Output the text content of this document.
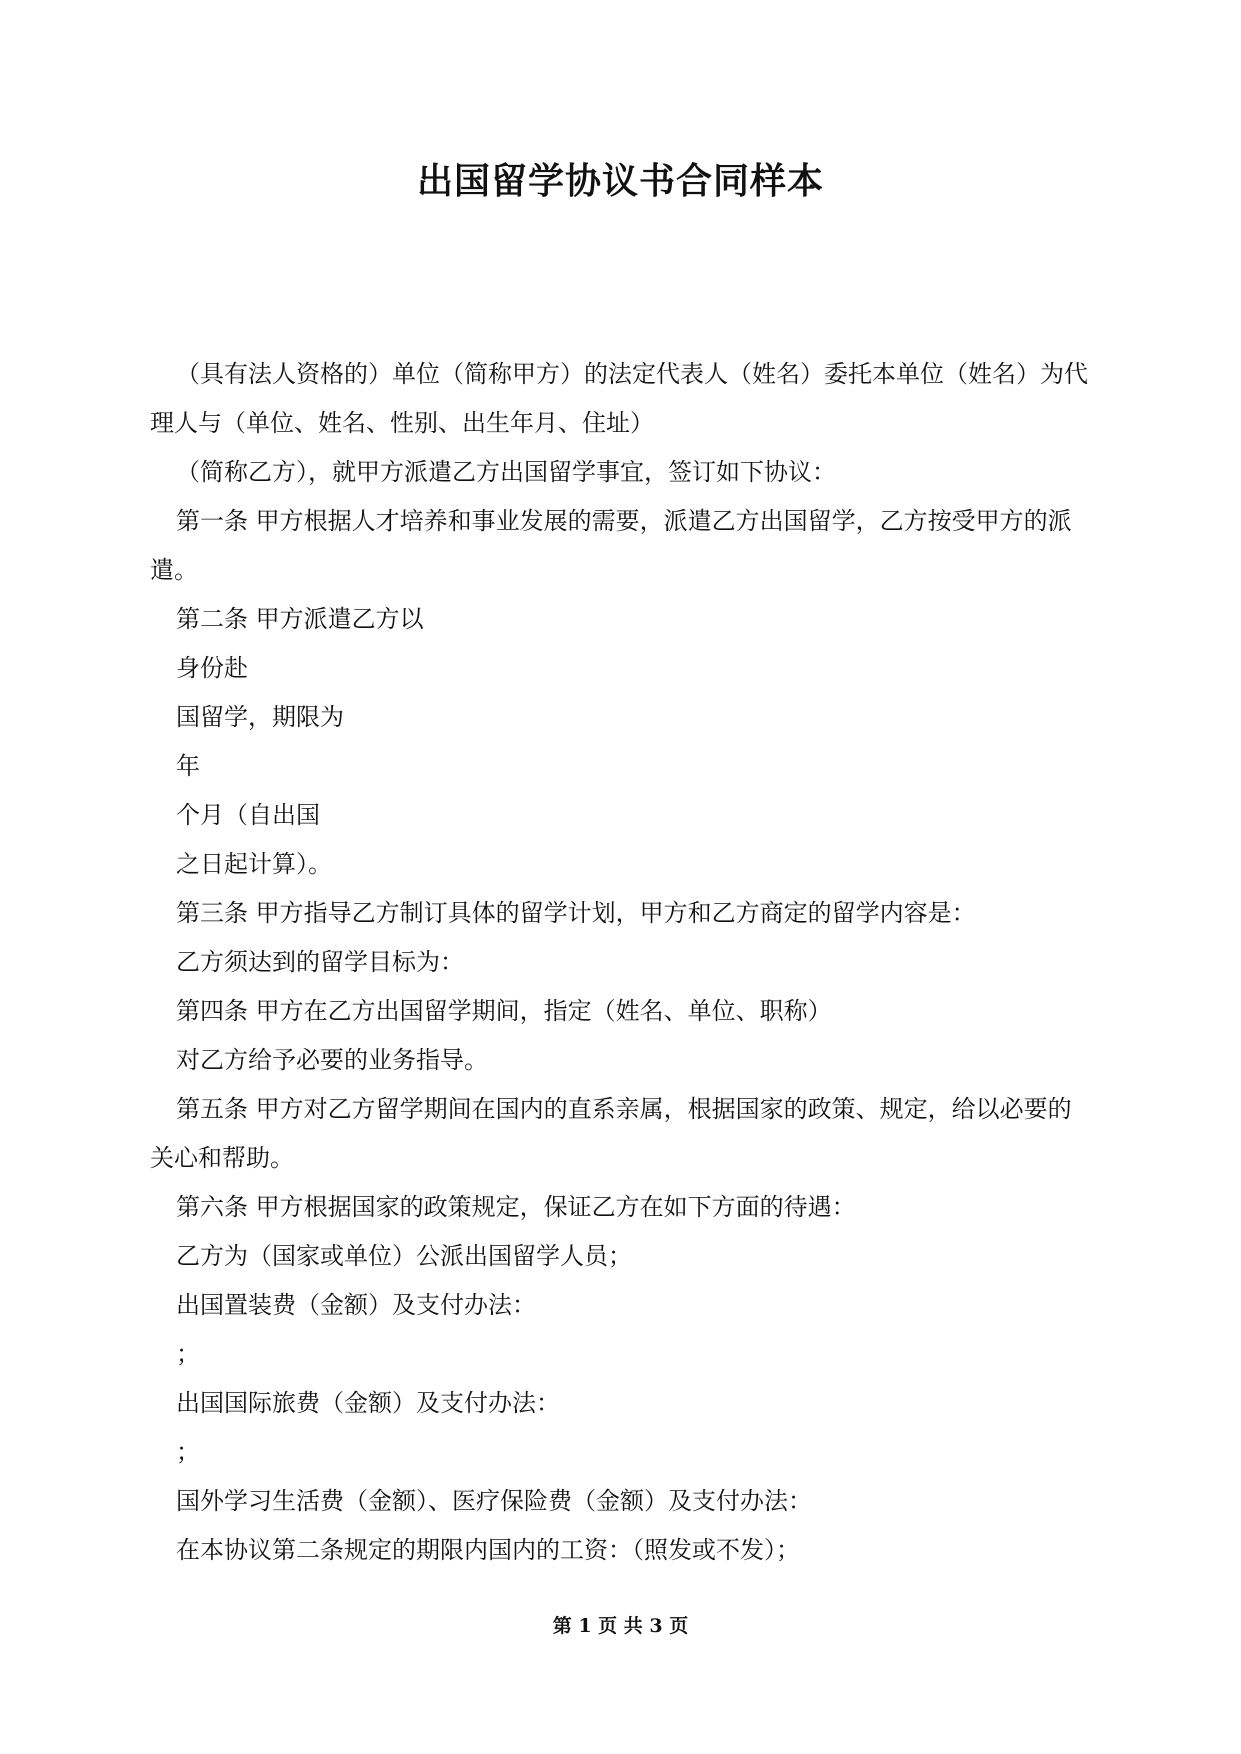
出国留学协议书合同样本

（具有法人资格的）单位（简称甲方）的法定代表人（姓名）委托本单位（姓名）为代理人与（单位、姓名、性别、出生年月、住址）

（简称乙方），就甲方派遣乙方出国留学事宜，签订如下协议：

第一条 甲方根据人才培养和事业发展的需要，派遣乙方出国留学，乙方按受甲方的派遣。

第二条 甲方派遣乙方以

身份赴

国留学，期限为

年

个月（自出国

之日起计算）。

第三条 甲方指导乙方制订具体的留学计划，甲方和乙方商定的留学内容是：

乙方须达到的留学目标为：

第四条 甲方在乙方出国留学期间，指定（姓名、单位、职称）

对乙方给予必要的业务指导。

第五条 甲方对乙方留学期间在国内的直系亲属，根据国家的政策、规定，给以必要的关心和帮助。

第六条 甲方根据国家的政策规定，保证乙方在如下方面的待遇：

乙方为（国家或单位）公派出国留学人员；

出国置装费（金额）及支付办法：

；

出国国际旅费（金额）及支付办法：

；

国外学习生活费（金额）、医疗保险费（金额）及支付办法：

在本协议第二条规定的期限内国内的工资：（照发或不发）；

第 1 页 共 3 页
